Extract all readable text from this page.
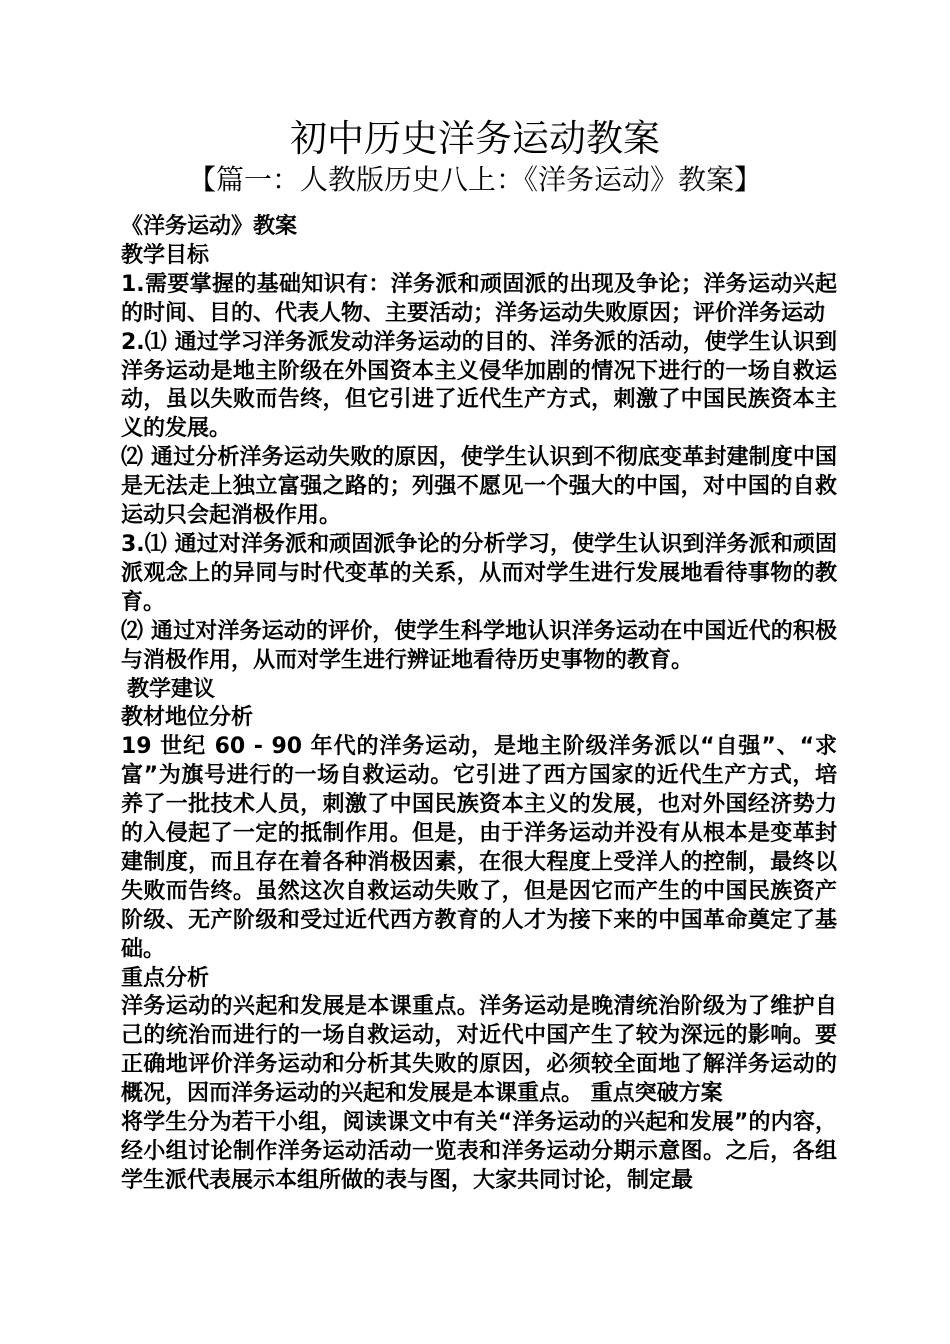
初中历史洋务运动教案
【篇一：人教版历史八上：《洋务运动》教案】

《洋务运动》教案

教学目标

1.需要掌握的基础知识有：洋务派和顽固派的出现及争论；洋务运动兴起的时间、目的、代表人物、主要活动；洋务运动失败原因；评价洋务运动

2.⑴ 通过学习洋务派发动洋务运动的目的、洋务派的活动，使学生认识到洋务运动是地主阶级在外国资本主义侵华加剧的情况下进行的一场自救运动，虽以失败而告终，但它引进了近代生产方式，刺激了中国民族资本主义的发展。

⑵ 通过分析洋务运动失败的原因，使学生认识到不彻底变革封建制度中国是无法走上独立富强之路的；列强不愿见一个强大的中国，对中国的自救运动只会起消极作用。

3.⑴ 通过对洋务派和顽固派争论的分析学习，使学生认识到洋务派和顽固派观念上的异同与时代变革的关系，从而对学生进行发展地看待事物的教育。

⑵ 通过对洋务运动的评价，使学生科学地认识洋务运动在中国近代的积极与消极作用，从而对学生进行辨证地看待历史事物的教育。

教学建议

教材地位分析

19 世纪 60 - 90 年代的洋务运动，是地主阶级洋务派以“自强”、“求富”为旗号进行的一场自救运动。它引进了西方国家的近代生产方式，培养了一批技术人员，刺激了中国民族资本主义的发展，也对外国经济势力的入侵起了一定的抵制作用。但是，由于洋务运动并没有从根本是变革封建制度，而且存在着各种消极因素，在很大程度上受洋人的控制，最终以失败而告终。虽然这次自救运动失败了，但是因它而产生的中国民族资产阶级、无产阶级和受过近代西方教育的人才为接下来的中国革命奠定了基础。

重点分析

洋务运动的兴起和发展是本课重点。洋务运动是晚清统治阶级为了维护自己的统治而进行的一场自救运动，对近代中国产生了较为深远的影响。要正确地评价洋务运动和分析其失败的原因，必须较全面地了解洋务运动的概况，因而洋务运动的兴起和发展是本课重点。 重点突破方案

将学生分为若干小组，阅读课文中有关“洋务运动的兴起和发展”的内容，经小组讨论制作洋务运动活动一览表和洋务运动分期示意图。之后，各组学生派代表展示本组所做的表与图，大家共同讨论，制定最
